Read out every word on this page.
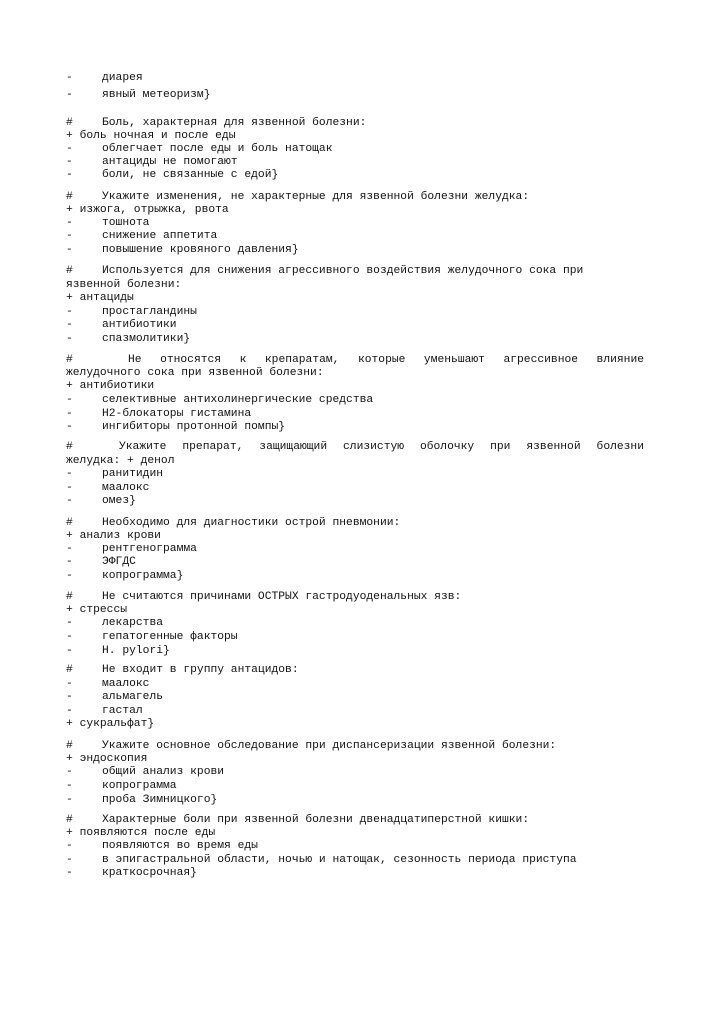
-

	диарея

-

	явный метеоризм}

#

	Боль, характерная для язвенной болезни:

+ боль ночная и после еды

-

	облегчает после еды и боль натощак

-

	антациды не помогают

-

	боли, не связанные с едой}

#

	Укажите изменения, не характерные для язвенной болезни желудка:

+ изжога, отрыжка, рвота

-

	тошнота

-

	снижение аппетита

-

	повышение кровяного давления}

#

	Используется для снижения агрессивного воздействия желудочного сока при

язвенной болезни:

+ антациды

-

	простагландины

-

	антибиотики

-

	спазмолитики}

#

	Не относятся к крепаратам, которые уменьшают агрессивное влияние

желудочного сока при язвенной болезни:

+ антибиотики

-

	селективные антихолинергические средства

-

	Н2-блокаторы гистамина

-

	ингибиторы протонной помпы}

#

	Укажите препарат, защищающий слизистую оболочку при язвенной болезни

желудка: + денол

-

	ранитидин

-

	маалокс

-

	омез}

#

	Необходимо для диагностики острой пневмонии:

+ анализ крови

-

	рентгенограмма

-

	ЭФГДС

-

	копрограмма}

#

	Не считаются причинами ОСТРЫХ гастродуоденальных язв:

+ стрессы

-

	лекарства

-

	гепатогенные факторы

-

	H. pylori}

#

	Не входит в группу антацидов:

-

	маалокс

-

	альмагель

-

	гастал

+ сукральфат}

#

	Укажите основное обследование при диспансеризации язвенной болезни:

+ эндоскопия

-

	общий анализ крови

-

	копрограмма

-

	проба Зимницкого}

#

	Характерные боли при язвенной болезни двенадцатиперстной кишки:

+ появляются после еды

-

	появляются во время еды

-

	в эпигастральной области, ночью и натощак, сезонность периода приступа

-

	краткосрочная}
